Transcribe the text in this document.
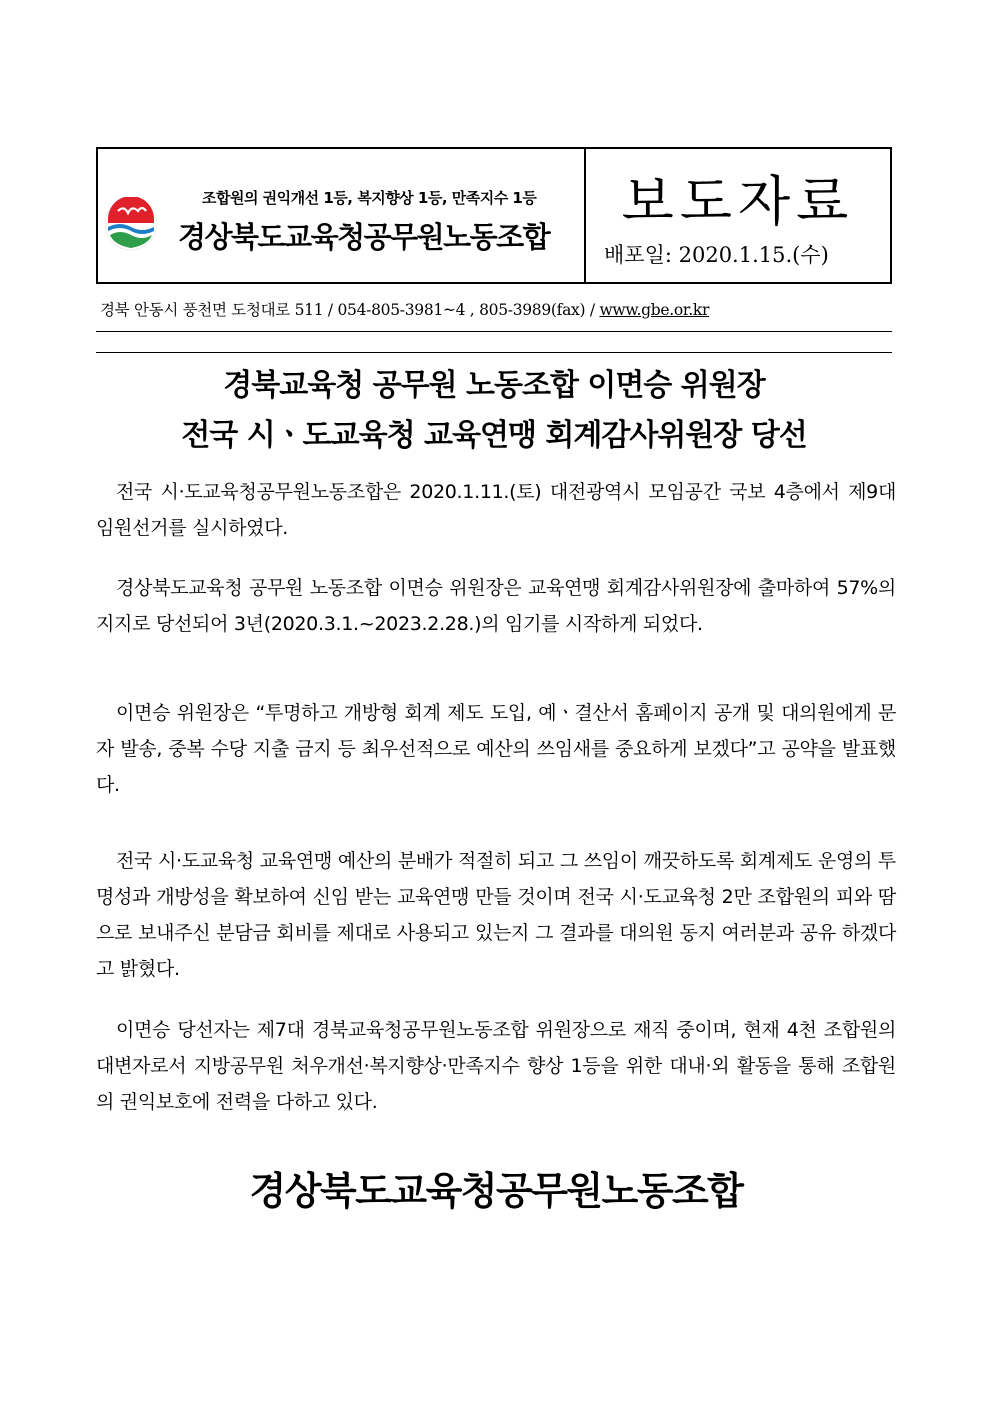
조합원의 권익개선 1등, 복지향상 1등, 만족지수 1등
경상북도교육청공무원노동조합
보도자료
배포일: 2020.1.15.(수)
경북 안동시 풍천면 도청대로 511 / 054-805-3981~4 , 805-3989(fax) / www.gbe.or.kr
경북교육청 공무원 노동조합 이면승 위원장
전국 시ㆍ도교육청 교육연맹 회계감사위원장 당선

전국 시·도교육청공무원노동조합은 2020.1.11.(토) 대전광역시 모임공간 국보 4층에서 제9대 임원선거를 실시하였다.

경상북도교육청 공무원 노동조합 이면승 위원장은 교육연맹 회계감사위원장에 출마하여 57%의 지지로 당선되어 3년(2020.3.1.~2023.2.28.)의 임기를 시작하게 되었다.

이면승 위원장은 “투명하고 개방형 회계 제도 도입, 예ㆍ결산서 홈페이지 공개 및 대의원에게 문자 발송, 중복 수당 지출 금지 등 최우선적으로 예산의 쓰임새를 중요하게 보겠다”고 공약을 발표했다.

전국 시·도교육청 교육연맹 예산의 분배가 적절히 되고 그 쓰임이 깨끗하도록 회계제도 운영의 투명성과 개방성을 확보하여 신임 받는 교육연맹 만들 것이며 전국 시·도교육청 2만 조합원의 피와 땀으로 보내주신 분담금 회비를 제대로 사용되고 있는지 그 결과를 대의원 동지 여러분과 공유 하겠다고 밝혔다.

이면승 당선자는 제7대 경북교육청공무원노동조합 위원장으로 재직 중이며, 현재 4천 조합원의 대변자로서 지방공무원 처우개선·복지향상·만족지수 향상 1등을 위한 대내·외 활동을 통해 조합원의 권익보호에 전력을 다하고 있다.

경상북도교육청공무원노동조합
